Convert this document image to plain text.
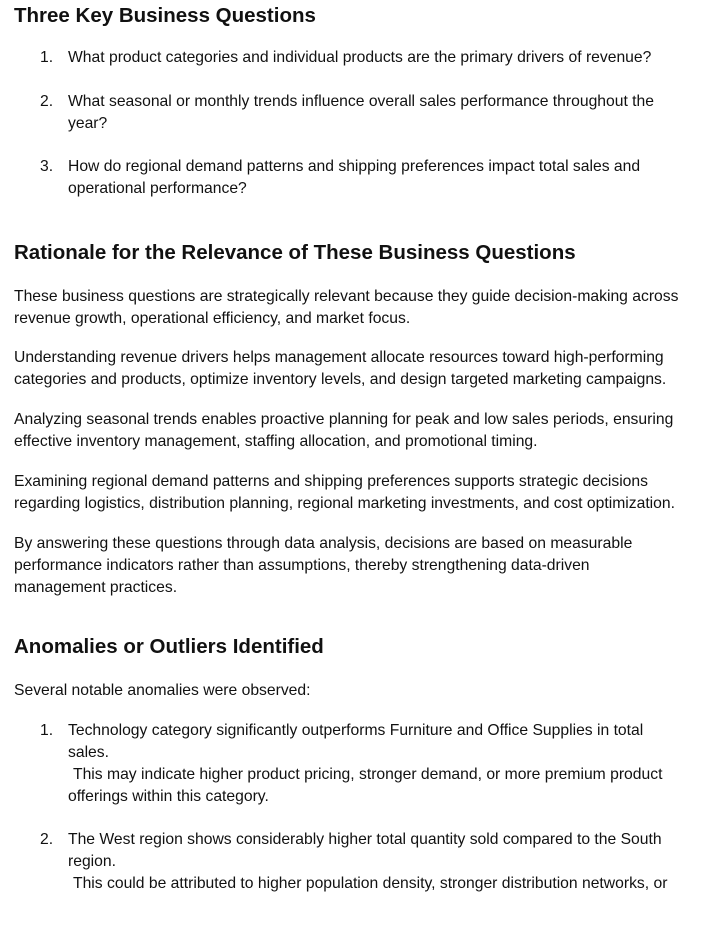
Three Key Business Questions
1. What product categories and individual products are the primary drivers of revenue?
2. What seasonal or monthly trends influence overall sales performance throughout the
year?
3. How do regional demand patterns and shipping preferences impact total sales and
operational performance?
Rationale for the Relevance of These Business Questions

These business questions are strategically relevant because they guide decision-making across
revenue growth, operational efficiency, and market focus.

Understanding revenue drivers helps management allocate resources toward high-performing
categories and products, optimize inventory levels, and design targeted marketing campaigns.

Analyzing seasonal trends enables proactive planning for peak and low sales periods, ensuring
effective inventory management, staffing allocation, and promotional timing.

Examining regional demand patterns and shipping preferences supports strategic decisions
regarding logistics, distribution planning, regional marketing investments, and cost optimization.

By answering these questions through data analysis, decisions are based on measurable
performance indicators rather than assumptions, thereby strengthening data-driven
management practices.

Anomalies or Outliers Identified

Several notable anomalies were observed:

1. Technology category significantly outperforms Furniture and Office Supplies in total
sales.
This may indicate higher product pricing, stronger demand, or more premium product
offerings within this category.
2. The West region shows considerably higher total quantity sold compared to the South
region.
This could be attributed to higher population density, stronger distribution networks, or
